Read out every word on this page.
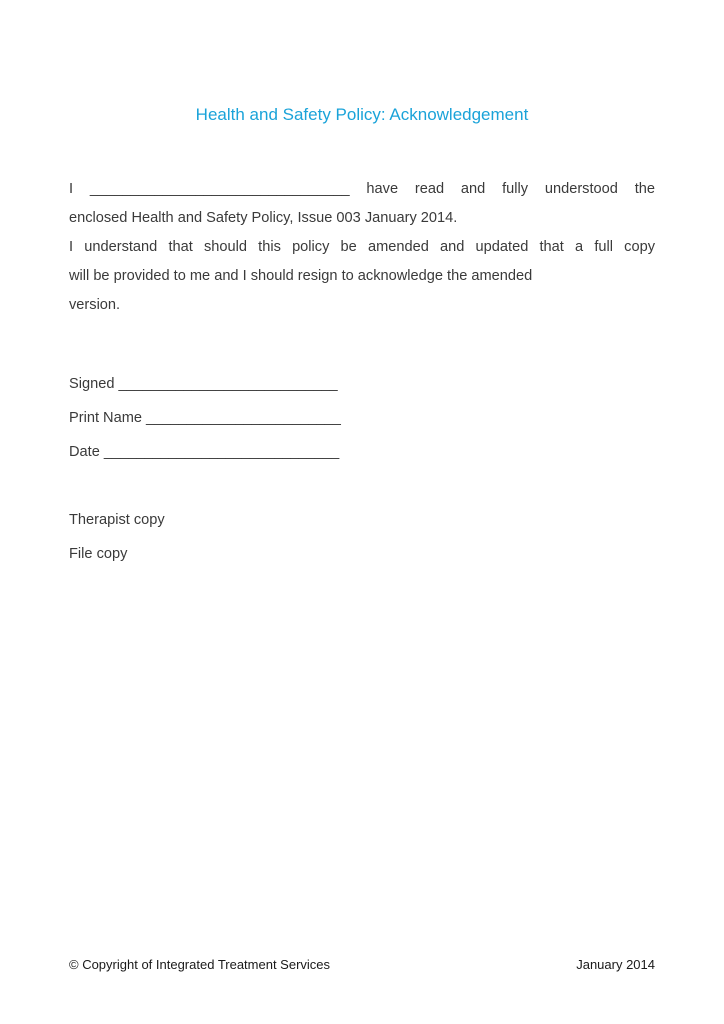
Health and Safety Policy: Acknowledgement
I ________________________________ have read and fully understood the
enclosed Health and Safety Policy, Issue 003 January 2014.
I understand that should this policy be amended and updated that a full copy
will be provided to me and I should resign to acknowledge the amended
version.
Signed ___________________________
Print Name ________________________
Date _____________________________
Therapist copy
File copy
© Copyright of Integrated Treatment Services	January 2014
